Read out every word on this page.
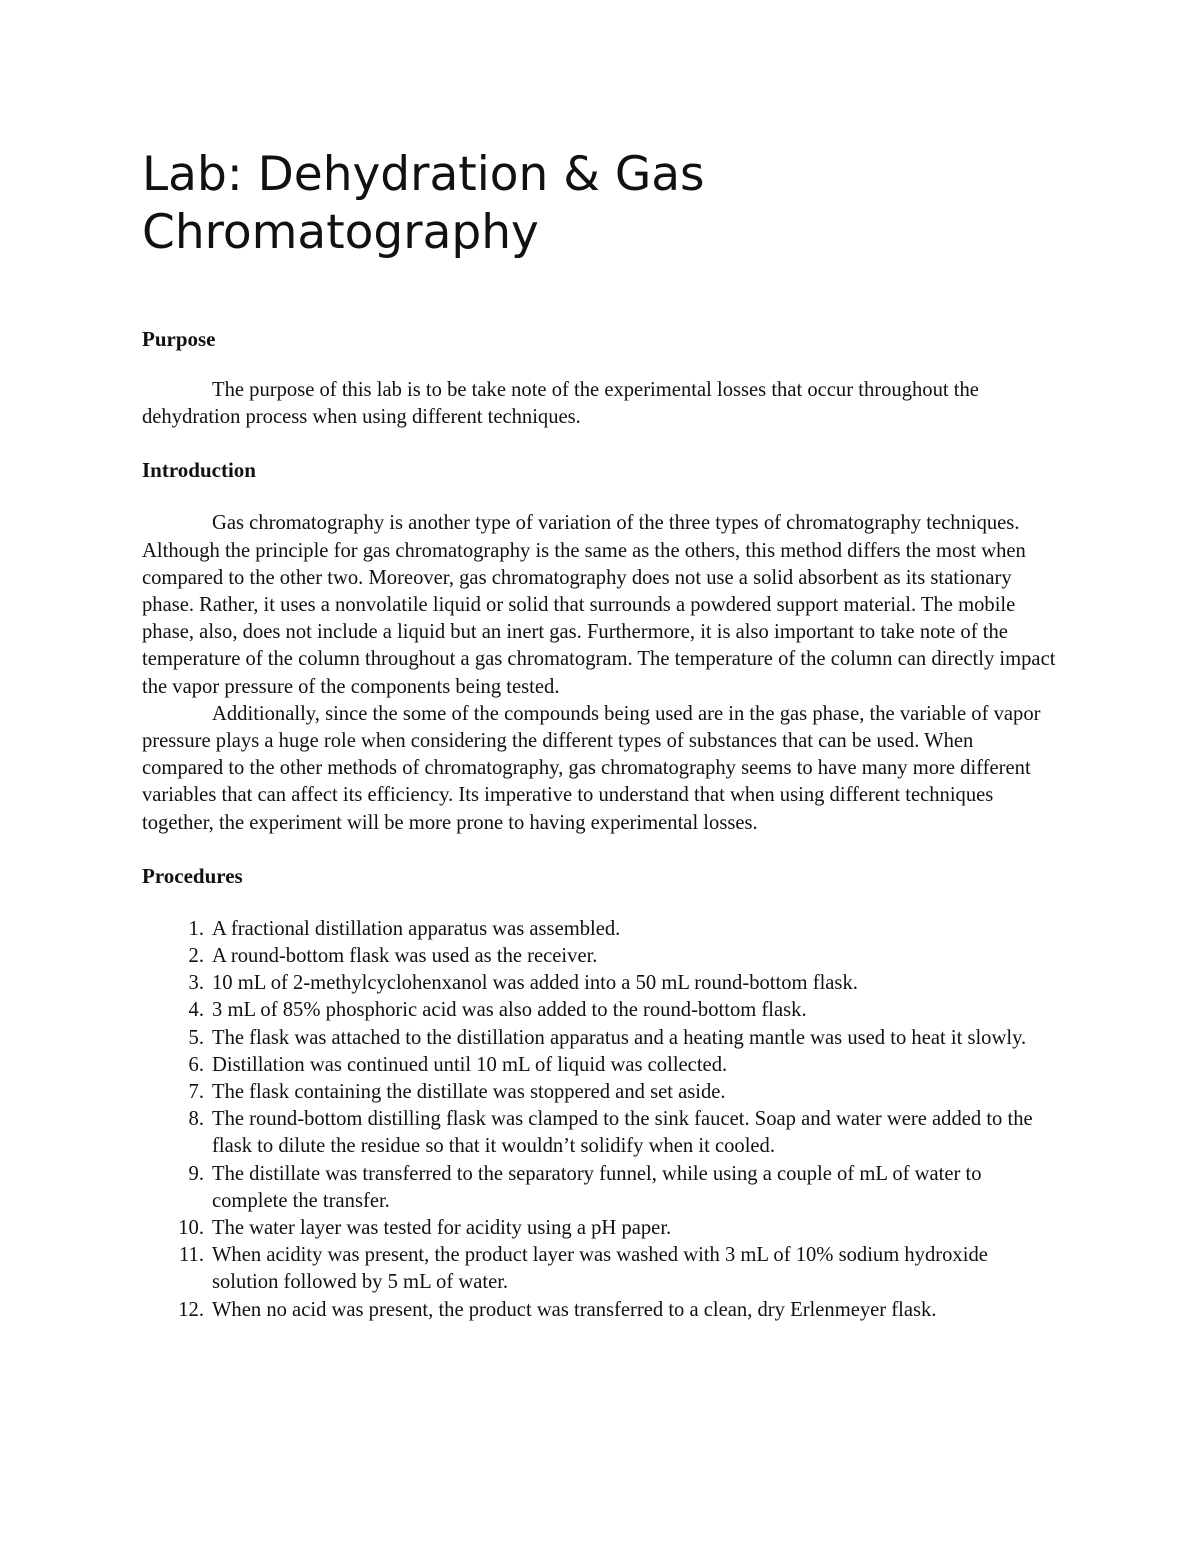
Lab: Dehydration & Gas
Chromatography
Purpose

The purpose of this lab is to be take note of the experimental losses that occur throughout the dehydration process when using different techniques.

Introduction

Gas chromatography is another type of variation of the three types of chromatography techniques. Although the principle for gas chromatography is the same as the others, this method differs the most when compared to the other two. Moreover, gas chromatography does not use a solid absorbent as its stationary phase. Rather, it uses a nonvolatile liquid or solid that surrounds a powdered support material. The mobile phase, also, does not include a liquid but an inert gas. Furthermore, it is also important to take note of the temperature of the column throughout a gas chromatogram. The temperature of the column can directly impact the vapor pressure of the components being tested.

Additionally, since the some of the compounds being used are in the gas phase, the variable of vapor pressure plays a huge role when considering the different types of substances that can be used. When compared to the other methods of chromatography, gas chromatography seems to have many more different variables that can affect its efficiency. Its imperative to understand that when using different techniques together, the experiment will be more prone to having experimental losses.

Procedures
1. A fractional distillation apparatus was assembled.
2. A round-bottom flask was used as the receiver.
3. 10 mL of 2-methylcyclohenxanol was added into a 50 mL round-bottom flask.
4. 3 mL of 85% phosphoric acid was also added to the round-bottom flask.
5. The flask was attached to the distillation apparatus and a heating mantle was used to heat it slowly.
6. Distillation was continued until 10 mL of liquid was collected.
7. The flask containing the distillate was stoppered and set aside.
8. The round-bottom distilling flask was clamped to the sink faucet. Soap and water were added to the flask to dilute the residue so that it wouldn’t solidify when it cooled.
9. The distillate was transferred to the separatory funnel, while using a couple of mL of water to complete the transfer.
10. The water layer was tested for acidity using a pH paper.
11. When acidity was present, the product layer was washed with 3 mL of 10% sodium hydroxide solution followed by 5 mL of water.
12. When no acid was present, the product was transferred to a clean, dry Erlenmeyer flask.
